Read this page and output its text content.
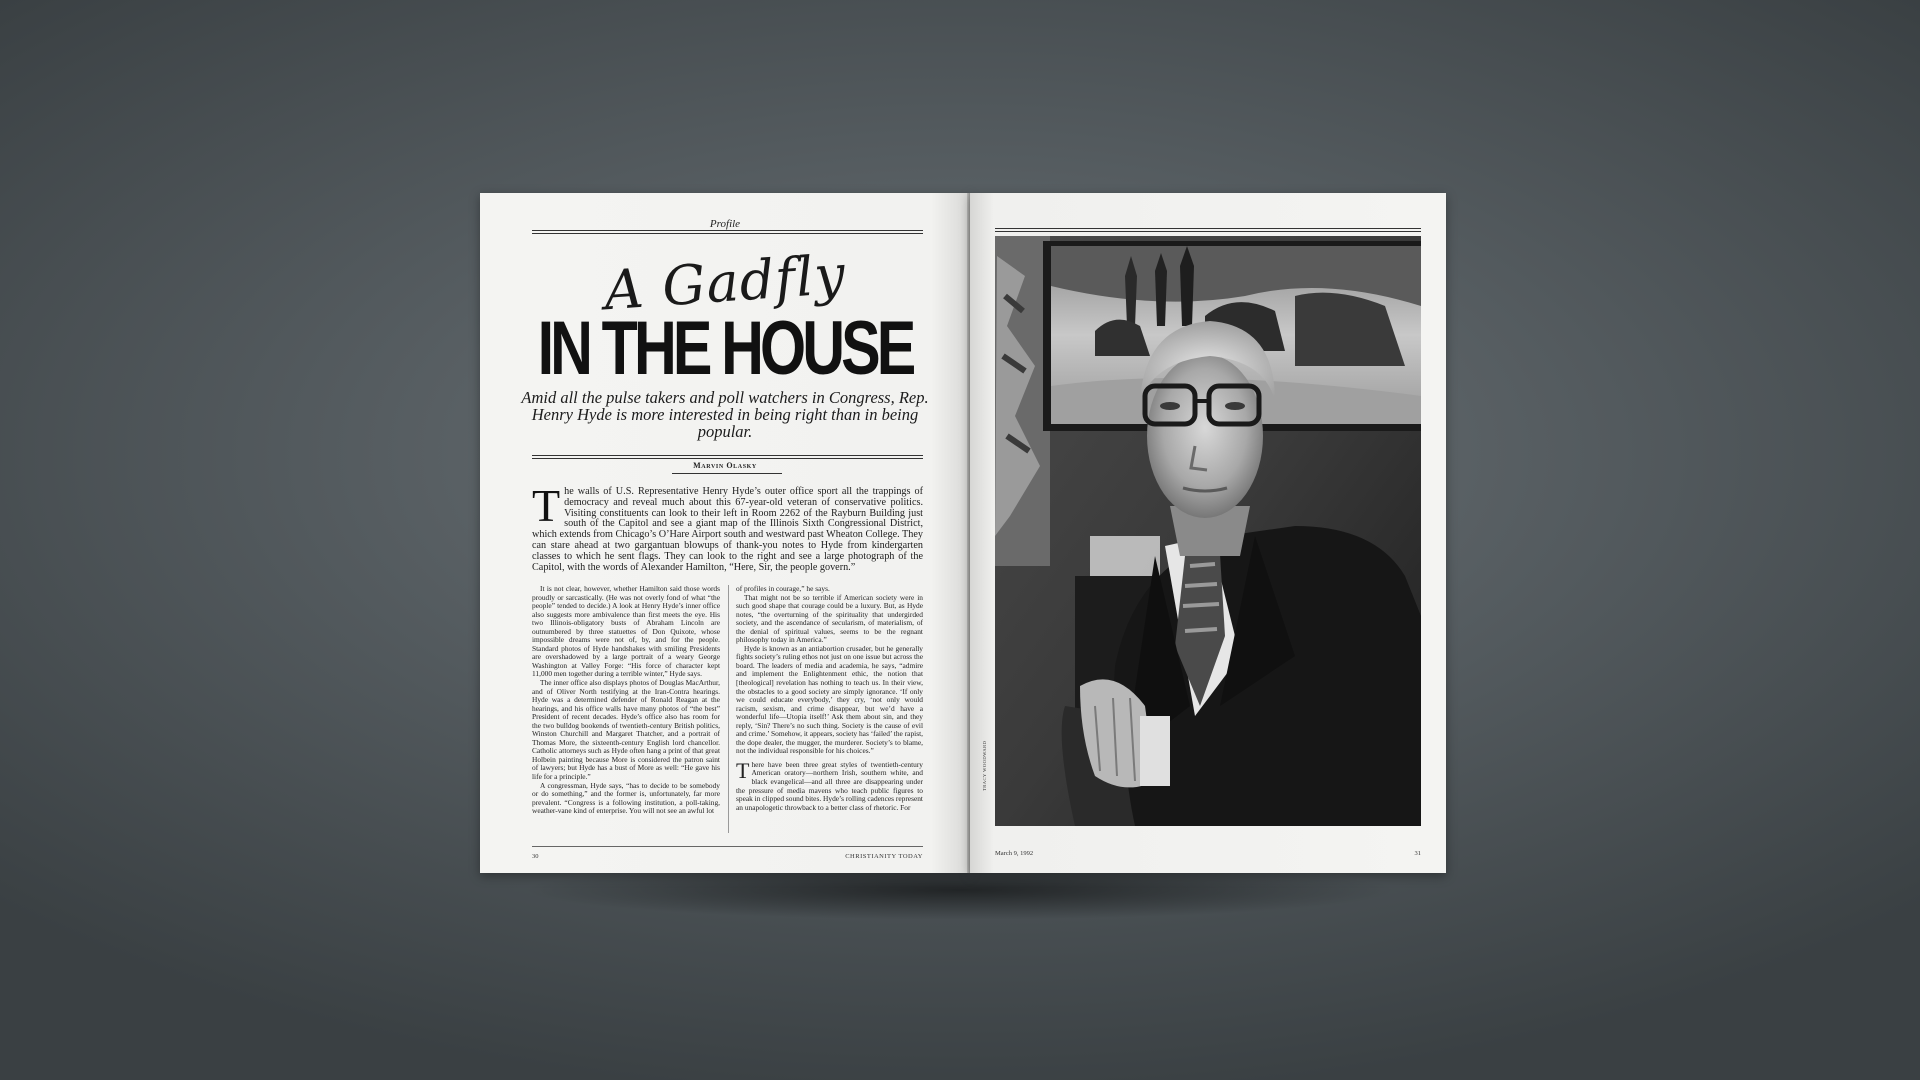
Profile
A Gadfly
IN THE HOUSE
Amid all the pulse takers and poll watchers in Congress, Rep. Henry Hyde is more interested in being right than in being popular.
Marvin Olasky
The walls of U.S. Representative Henry Hyde’s outer office sport all the trappings of democracy and reveal much about this 67-year-old veteran of conservative politics. Visiting constituents can look to their left in Room 2262 of the Rayburn Building just south of the Capitol and see a giant map of the Illinois Sixth Congressional District, which extends from Chicago’s O’Hare Airport south and westward past Wheaton College. They can stare ahead at two gargantuan blowups of thank-you notes to Hyde from kindergarten classes to which he sent flags. They can look to the right and see a large photograph of the Capitol, with the words of Alexander Hamilton, “Here, Sir, the people govern.”

It is not clear, however, whether Hamilton said those words proudly or sarcastically. (He was not overly fond of what “the people” tended to decide.) A look at Henry Hyde’s inner office also suggests more ambivalence than first meets the eye. His two Illinois-obligatory busts of Abraham Lincoln are outnumbered by three statuettes of Don Quixote, whose impossible dreams were not of, by, and for the people. Standard photos of Hyde handshakes with smiling Presidents are overshadowed by a large portrait of a weary George Washington at Valley Forge: “His force of character kept 11,000 men together during a terrible winter,” Hyde says.

The inner office also displays photos of Douglas MacArthur, and of Oliver North testifying at the Iran-Contra hearings. Hyde was a determined defender of Ronald Reagan at the hearings, and his office walls have many photos of “the best” President of recent decades. Hyde’s office also has room for the two bulldog bookends of twentieth-century British politics, Winston Churchill and Margaret Thatcher, and a portrait of Thomas More, the sixteenth-century English lord chancellor. Catholic attorneys such as Hyde often hang a print of that great Holbein painting because More is considered the patron saint of lawyers; but Hyde has a bust of More as well: “He gave his life for a principle.”

A congressman, Hyde says, “has to decide to be somebody or do something,” and the former is, unfortunately, far more prevalent. “Congress is a following institution, a poll-taking, weather-vane kind of enterprise. You will not see an awful lot

of profiles in courage,” he says.

That might not be so terrible if American society were in such good shape that courage could be a luxury. But, as Hyde notes, “the overturning of the spirituality that undergirded society, and the ascendance of secularism, of materialism, of the denial of spiritual values, seems to be the regnant philosophy today in America.”

Hyde is known as an antiabortion crusader, but he generally fights society’s ruling ethos not just on one issue but across the board. The leaders of media and academia, he says, “admire and implement the Enlightenment ethic, the notion that [theological] revelation has nothing to teach us. In their view, the obstacles to a good society are simply ignorance. ‘If only we could educate everybody,’ they cry, ‘not only would racism, sexism, and crime disappear, but we’d have a wonderful life—Utopia itself!’ Ask them about sin, and they reply, ‘Sin? There’s no such thing. Society is the cause of evil and crime.’ Somehow, it appears, society has ‘failed’ the rapist, the dope dealer, the mugger, the murderer. Society’s to blame, not the individual responsible for his choices.”

There have been three great styles of twentieth-century American oratory—northern Irish, southern white, and black evangelical—and all three are disappearing under the pressure of media mavens who teach public figures to speak in clipped sound bites. Hyde’s rolling cadences represent an unapologetic throwback to a better class of rhetoric. For

30	CHRISTIANITY TODAY
TRACY WOODWARD
March 9, 1992	31
